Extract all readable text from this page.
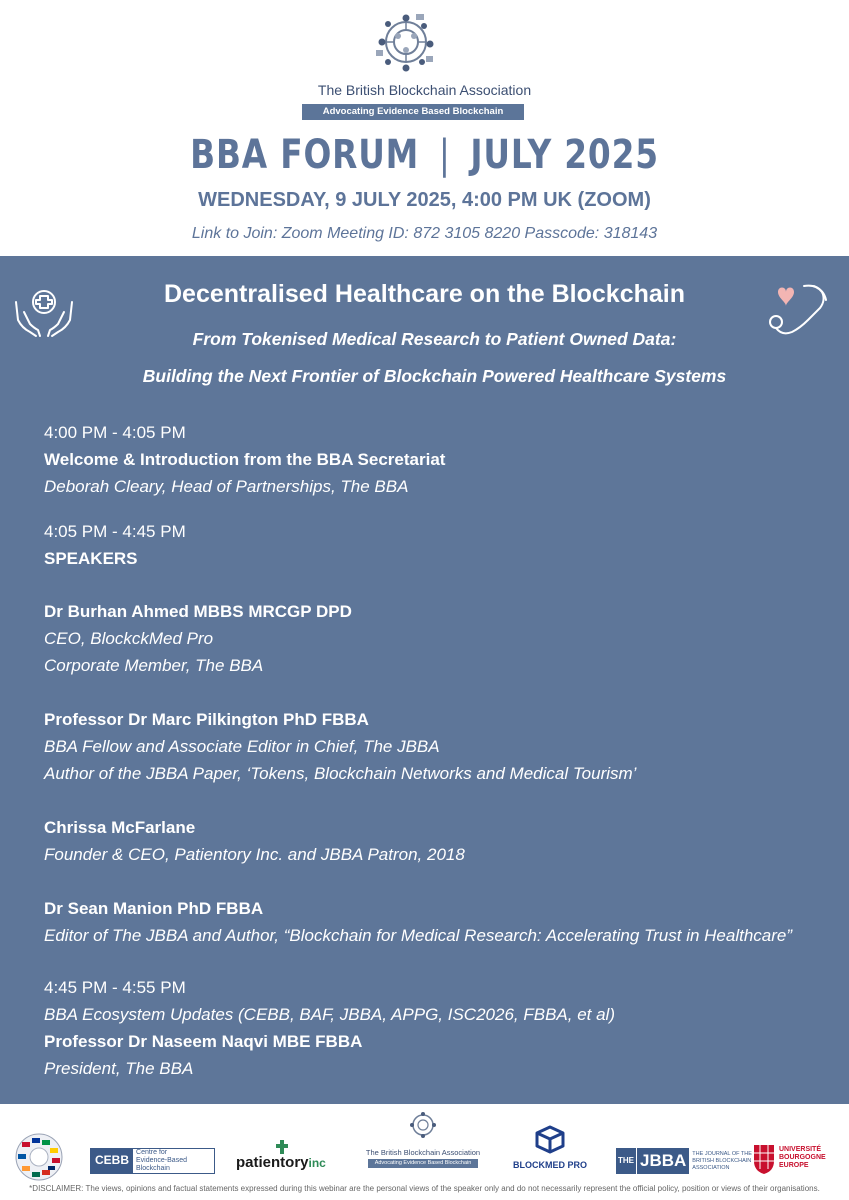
The British Blockchain Association
Advocating Evidence Based Blockchain
BBA FORUM | JULY 2025
WEDNESDAY, 9 JULY 2025, 4:00 PM UK (ZOOM)
Link to Join: Zoom Meeting ID: 872 3105 8220 Passcode: 318143
Decentralised Healthcare on the Blockchain
From Tokenised Medical Research to Patient Owned Data:
Building the Next Frontier of Blockchain Powered Healthcare Systems
4:00 PM - 4:05 PM
Welcome & Introduction from the BBA Secretariat
Deborah Cleary, Head of Partnerships, The BBA
4:05 PM - 4:45 PM
SPEAKERS
Dr Burhan Ahmed MBBS MRCGP DPD
CEO, BlockckMed Pro
Corporate Member, The BBA
Professor Dr Marc Pilkington PhD FBBA
BBA Fellow and Associate Editor in Chief, The JBBA
Author of the JBBA Paper, ‘Tokens, Blockchain Networks and Medical Tourism’
Chrissa McFarlane
Founder & CEO, Patientory Inc. and JBBA Patron, 2018
Dr Sean Manion PhD FBBA
Editor of The JBBA and Author, “Blockchain for Medical Research: Accelerating Trust in Healthcare”
4:45 PM - 4:55 PM
BBA Ecosystem Updates (CEBB, BAF, JBBA, APPG, ISC2026, FBBA, et al)
Professor Dr Naseem Naqvi MBE FBBA
President, The BBA
CEBB
Centre for
Evidence-Based Blockchain	patientoryinc
The British Blockchain Association
Advocating Evidence Based Blockchain	BLOCKMED PRO	THE JBBA	THE JOURNAL OF THE
BRITISH BLOCKCHAIN
ASSOCIATION
UNIVERSITÉ
BOURGOGNE
EUROPE
*DISCLAIMER: The views, opinions and factual statements expressed during this webinar are the personal views of the speaker only and do not necessarily represent the official policy, position or views of their organisations.
